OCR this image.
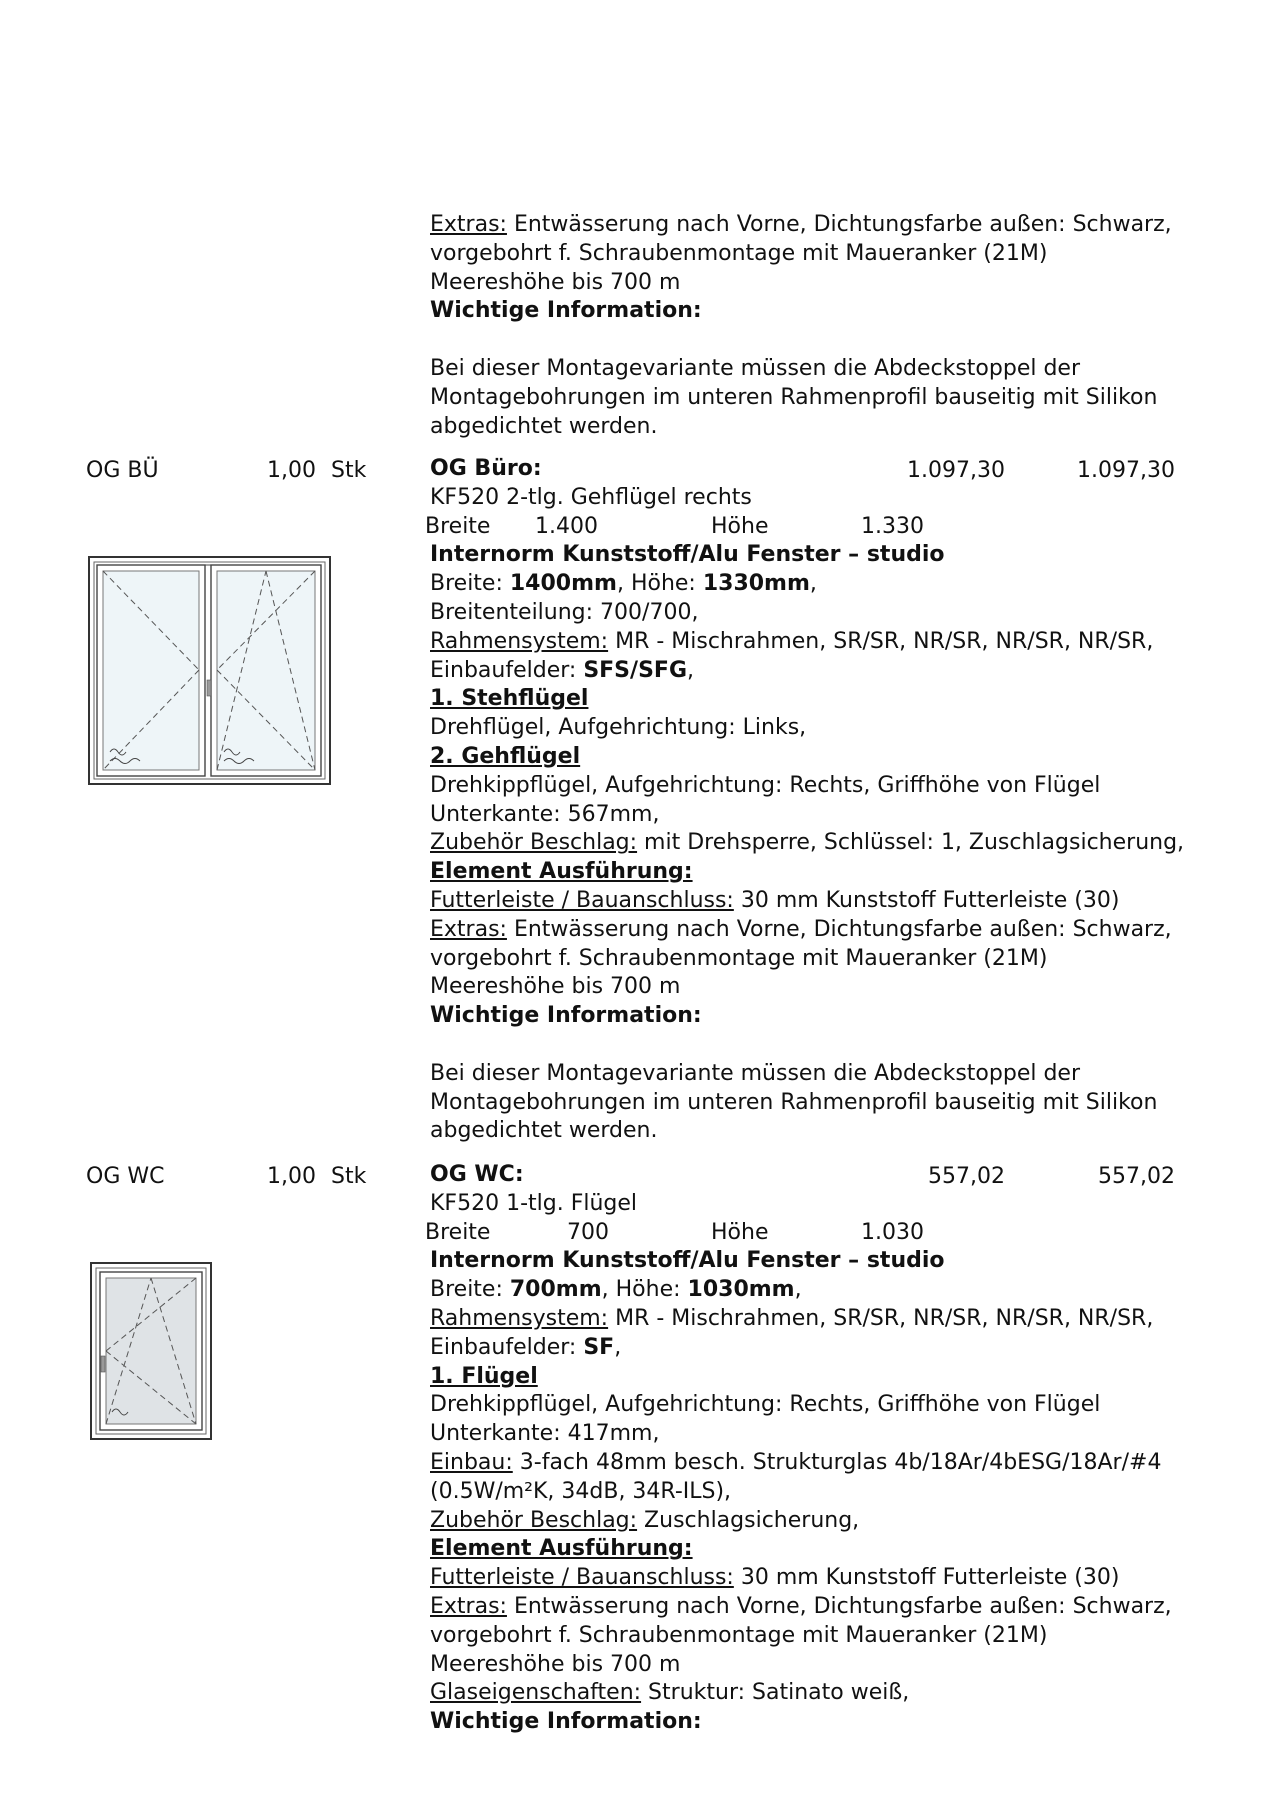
Extras: Entwässerung nach Vorne, Dichtungsfarbe außen: Schwarz,
vorgebohrt f. Schraubenmontage mit Maueranker (21M)
Meereshöhe bis 700 m
Wichtige Information:
Bei dieser Montagevariante müssen die Abdeckstoppel der
Montagebohrungen im unteren Rahmenprofil bauseitig mit Silikon
abgedichtet werden.
OG BÜ	1,00 Stk	1.097,30	1.097,30
OG Büro:
KF520 2-tlg. Gehflügel rechts
Breite 1.400	Höhe	1.330
Internorm Kunststoff/Alu Fenster – studio
Breite: 1400mm, Höhe: 1330mm,
Breitenteilung: 700/700,
Rahmensystem: MR - Mischrahmen, SR/SR, NR/SR, NR/SR, NR/SR,
Einbaufelder: SFS/SFG,
1. Stehflügel
Drehflügel, Aufgehrichtung: Links,
2. Gehflügel
Drehkippflügel, Aufgehrichtung: Rechts, Griffhöhe von Flügel
Unterkante: 567mm,
Zubehör Beschlag: mit Drehsperre, Schlüssel: 1, Zuschlagsicherung,
Element Ausführung:
Futterleiste / Bauanschluss: 30 mm Kunststoff Futterleiste (30)
Extras: Entwässerung nach Vorne, Dichtungsfarbe außen: Schwarz,
vorgebohrt f. Schraubenmontage mit Maueranker (21M)
Meereshöhe bis 700 m
Wichtige Information:
Bei dieser Montagevariante müssen die Abdeckstoppel der
Montagebohrungen im unteren Rahmenprofil bauseitig mit Silikon
abgedichtet werden.
OG WC	1,00 Stk	557,02	557,02
OG WC:
KF520 1-tlg. Flügel
Breite	700	Höhe	1.030
Internorm Kunststoff/Alu Fenster – studio
Breite: 700mm, Höhe: 1030mm,
Rahmensystem: MR - Mischrahmen, SR/SR, NR/SR, NR/SR, NR/SR,
Einbaufelder: SF,
1. Flügel
Drehkippflügel, Aufgehrichtung: Rechts, Griffhöhe von Flügel
Unterkante: 417mm,
Einbau: 3-fach 48mm besch. Strukturglas 4b/18Ar/4bESG/18Ar/#4
(0.5W/m²K, 34dB, 34R-ILS),
Zubehör Beschlag: Zuschlagsicherung,
Element Ausführung:
Futterleiste / Bauanschluss: 30 mm Kunststoff Futterleiste (30)
Extras: Entwässerung nach Vorne, Dichtungsfarbe außen: Schwarz,
vorgebohrt f. Schraubenmontage mit Maueranker (21M)
Meereshöhe bis 700 m
Glaseigenschaften: Struktur: Satinato weiß,
Wichtige Information:
